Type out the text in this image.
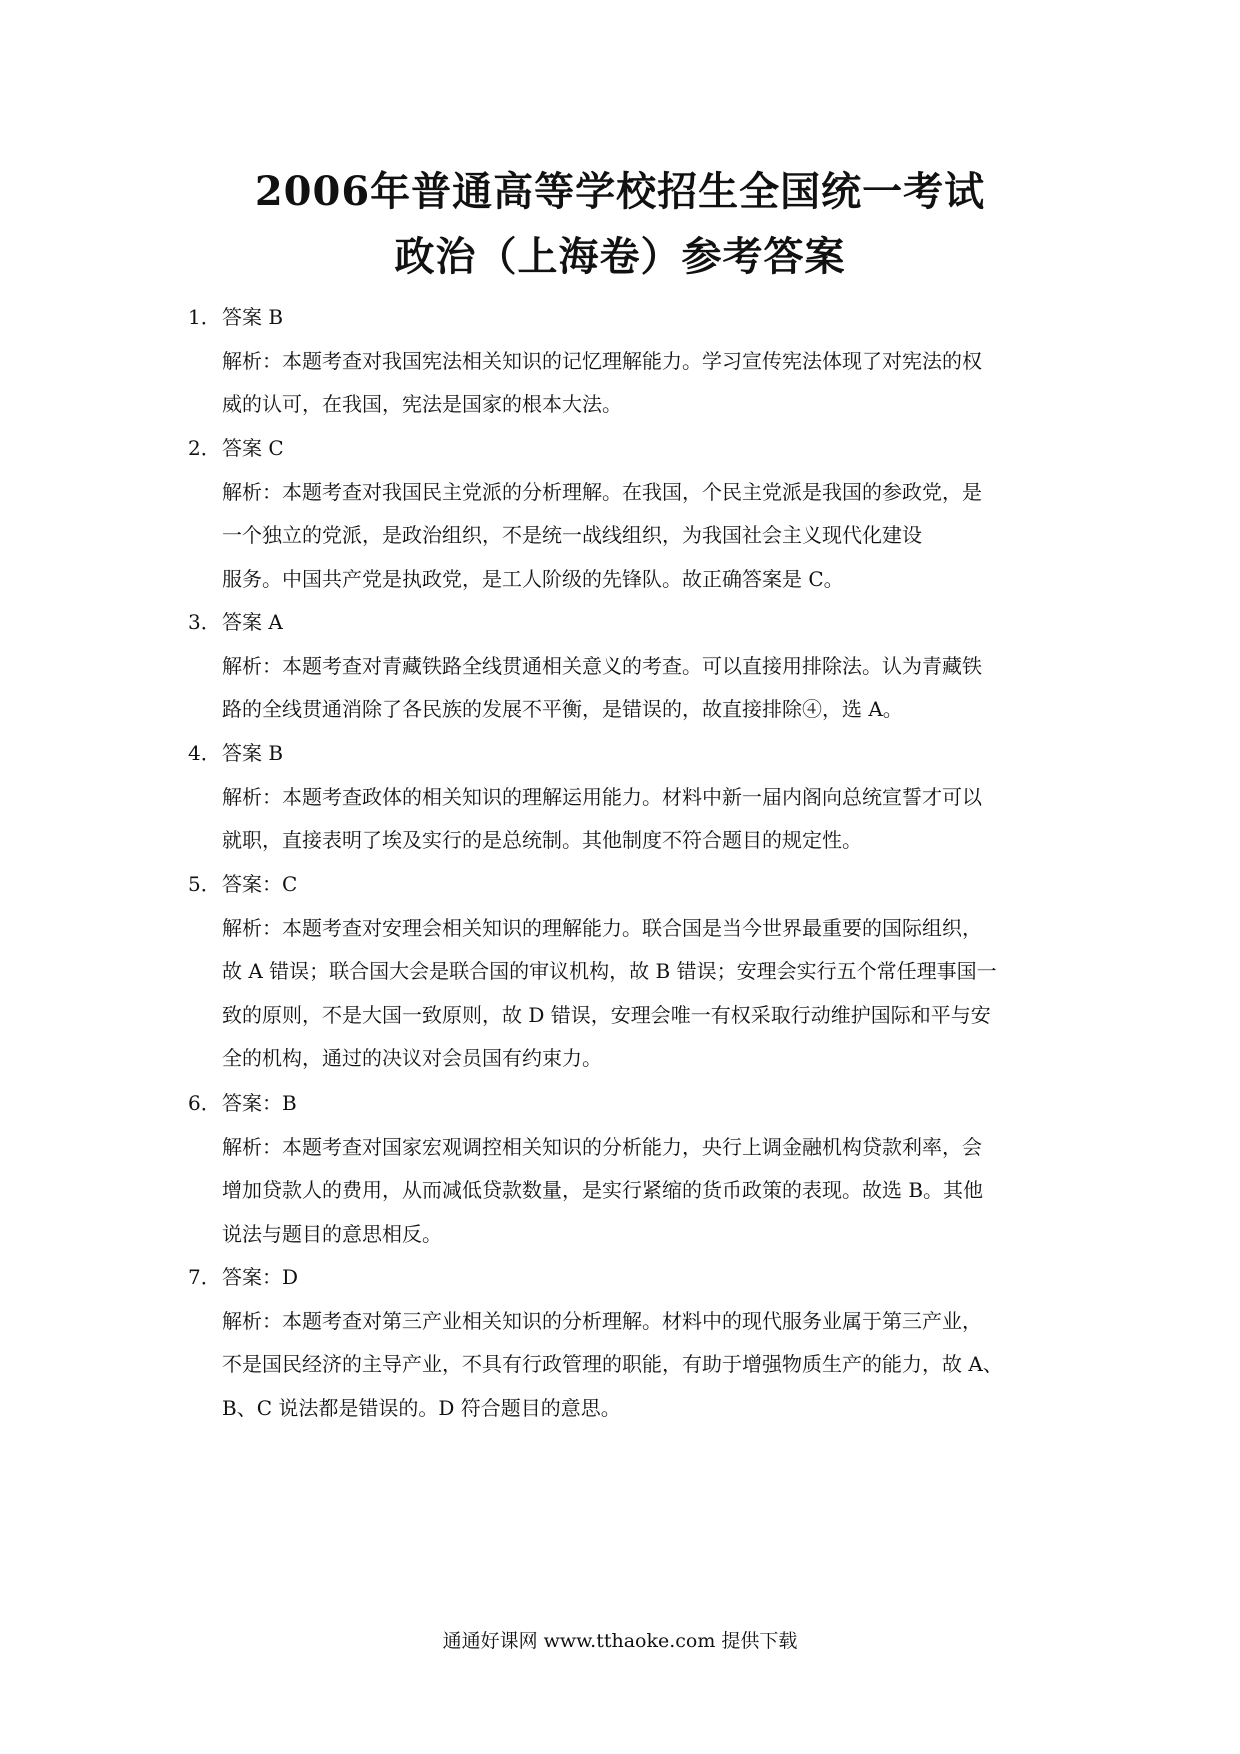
2006年普通高等学校招生全国统一考试
政治（上海卷）参考答案
1．答案 B
解析：本题考查对我国宪法相关知识的记忆理解能力。学习宣传宪法体现了对宪法的权
威的认可，在我国，宪法是国家的根本大法。
2．答案 C
解析：本题考查对我国民主党派的分析理解。在我国，个民主党派是我国的参政党，是
一个独立的党派，是政治组织，不是统一战线组织，为我国社会主义现代化建设
服务。中国共产党是执政党，是工人阶级的先锋队。故正确答案是 C。
3．答案 A
解析：本题考查对青藏铁路全线贯通相关意义的考查。可以直接用排除法。认为青藏铁
路的全线贯通消除了各民族的发展不平衡，是错误的，故直接排除④，选 A。
4．答案 B
解析：本题考查政体的相关知识的理解运用能力。材料中新一届内阁向总统宣誓才可以
就职，直接表明了埃及实行的是总统制。其他制度不符合题目的规定性。
5．答案：C
解析：本题考查对安理会相关知识的理解能力。联合国是当今世界最重要的国际组织，
故 A 错误；联合国大会是联合国的审议机构，故 B 错误；安理会实行五个常任理事国一
致的原则，不是大国一致原则，故 D 错误，安理会唯一有权采取行动维护国际和平与安
全的机构，通过的决议对会员国有约束力。
6．答案：B
解析：本题考查对国家宏观调控相关知识的分析能力，央行上调金融机构贷款利率，会
增加贷款人的费用，从而减低贷款数量，是实行紧缩的货币政策的表现。故选 B。其他
说法与题目的意思相反。
7．答案：D
解析：本题考查对第三产业相关知识的分析理解。材料中的现代服务业属于第三产业，
不是国民经济的主导产业，不具有行政管理的职能，有助于增强物质生产的能力，故 A、
B、C 说法都是错误的。D 符合题目的意思。
通通好课网 www.tthaoke.com 提供下载
